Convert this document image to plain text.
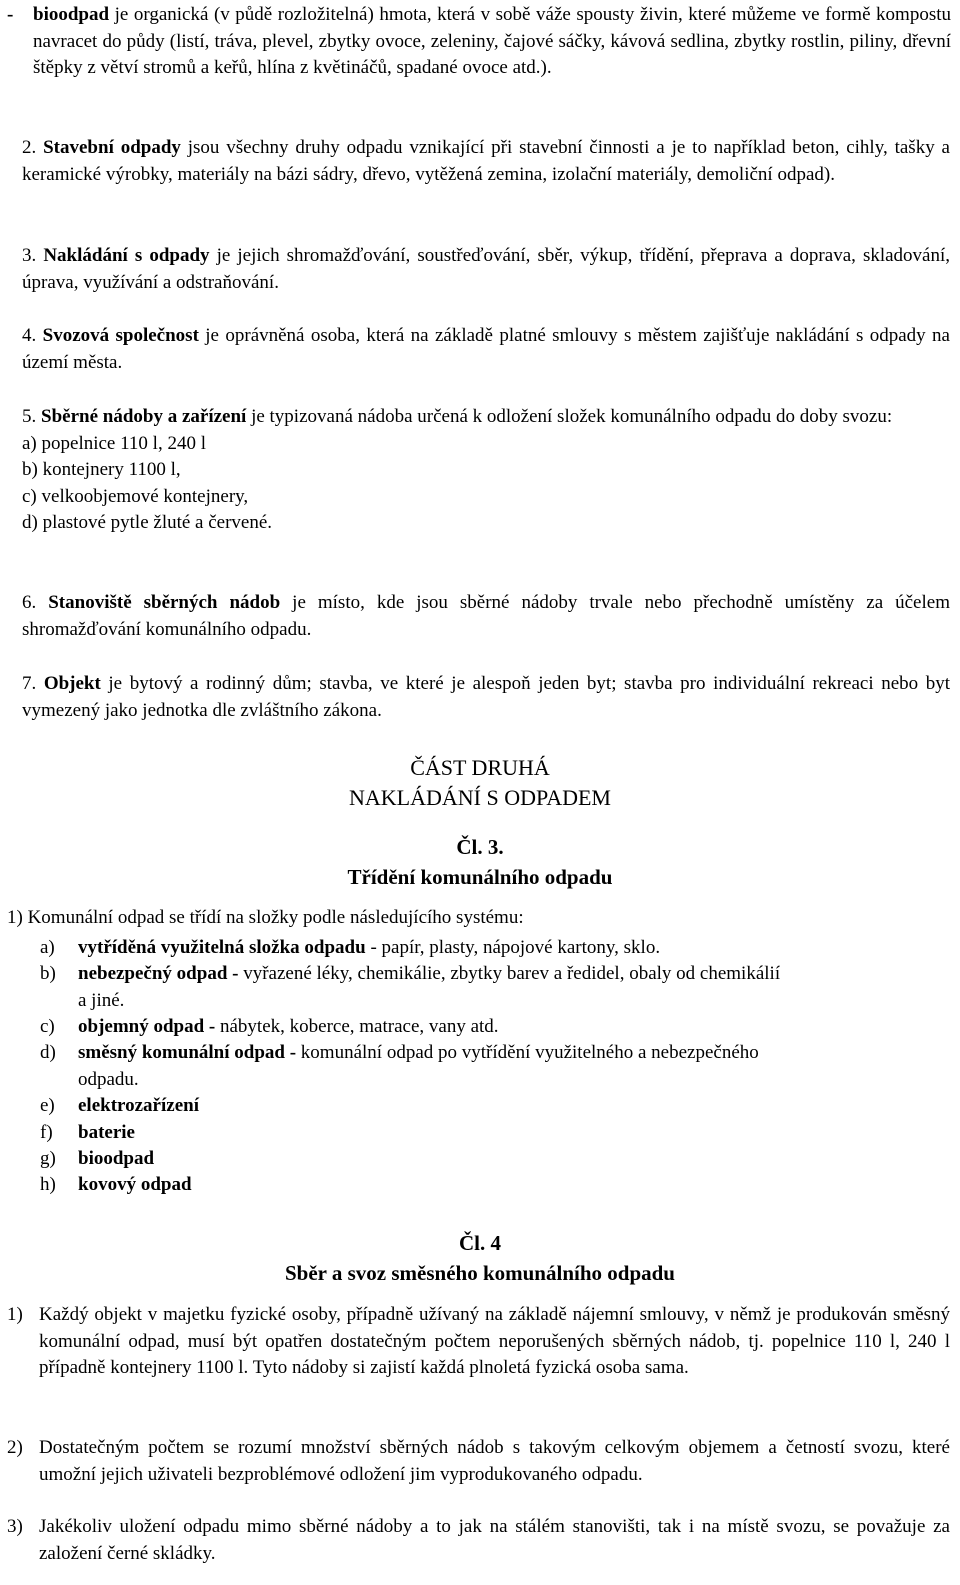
- bioodpad je organická (v půdě rozložitelná) hmota, která v sobě váže spousty živin, které můžeme ve formě kompostu navracet do půdy (listí, tráva, plevel, zbytky ovoce, zeleniny, čajové sáčky, kávová sedlina, zbytky rostlin, piliny, dřevní štěpky z větví stromů a keřů, hlína z květináčů, spadané ovoce atd.).

2. Stavební odpady jsou všechny druhy odpadu vznikající při stavební činnosti a je to například beton, cihly, tašky a keramické výrobky, materiály na bázi sádry, dřevo, vytěžená zemina, izolační materiály, demoliční odpad).

3. Nakládání s odpady je jejich shromažďování, soustřeďování, sběr, výkup, třídění, přeprava a doprava, skladování, úprava, využívání a odstraňování.

4. Svozová společnost je oprávněná osoba, která na základě platné smlouvy s městem zajišťuje nakládání s odpady na území města.

5. Sběrné nádoby a zařízení je typizovaná nádoba určená k odložení složek komunálního odpadu do doby svozu:

a) popelnice 110 l, 240 l

b) kontejnery 1100 l,

c) velkoobjemové kontejnery,

d) plastové pytle žluté a červené.

6. Stanoviště sběrných nádob je místo, kde jsou sběrné nádoby trvale nebo přechodně umístěny za účelem shromažďování komunálního odpadu.

7. Objekt je bytový a rodinný dům; stavba, ve které je alespoň jeden byt; stavba pro individuální rekreaci nebo byt vymezený jako jednotka dle zvláštního zákona.

ČÁST DRUHÁ
NAKLÁDÁNÍ S ODPADEM
Čl. 3.
Třídění komunálního odpadu

1) Komunální odpad se třídí na složky podle následujícího systému:

a) vytříděná využitelná složka odpadu - papír, plasty, nápojové kartony, sklo.
b) nebezpečný odpad - vyřazené léky, chemikálie, zbytky barev a ředidel, obaly od chemikálií
a jiné.
c) objemný odpad - nábytek, koberce, matrace, vany atd.
d) směsný komunální odpad - komunální odpad po vytřídění využitelného a nebezpečného
odpadu.
e) elektrozařízení
f) baterie
g) bioodpad
h) kovový odpad
Čl. 4
Sběr a svoz směsného komunálního odpadu
1) Každý objekt v majetku fyzické osoby, případně užívaný na základě nájemní smlouvy, v němž je produkován směsný komunální odpad, musí být opatřen dostatečným počtem neporušených sběrných nádob, tj. popelnice 110 l, 240 l případně kontejnery 1100 l. Tyto nádoby si zajistí každá plnoletá fyzická osoba sama.

2) Dostatečným počtem se rozumí množství sběrných nádob s takovým celkovým objemem a četností svozu, které umožní jejich uživateli bezproblémové odložení jim vyprodukovaného odpadu.

3) Jakékoliv uložení odpadu mimo sběrné nádoby a to jak na stálém stanovišti, tak i na místě svozu, se považuje za založení černé skládky.
